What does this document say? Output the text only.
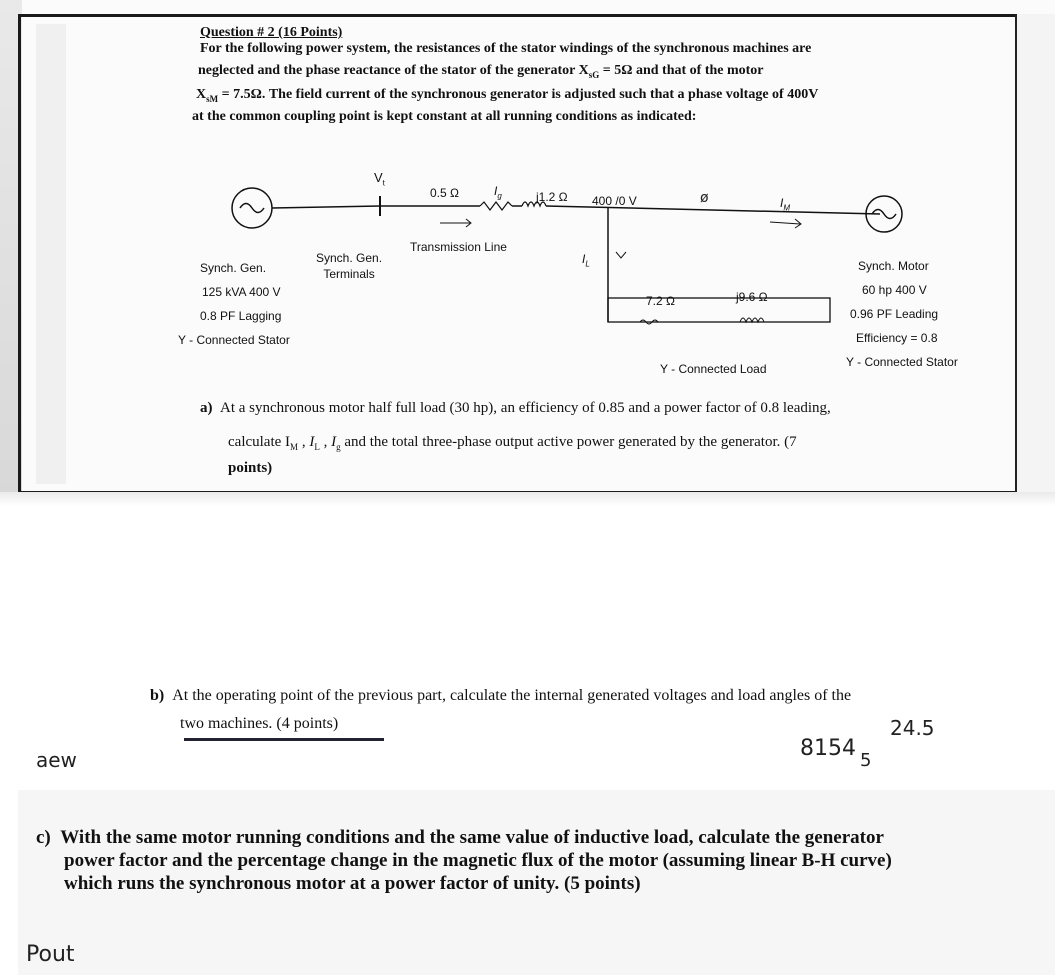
Question # 2 (16 Points)
For the following power system, the resistances of the stator windings of the synchronous machines are
neglected and the phase reactance of the stator of the generator $X_{sG} = 5\Omega$ and that of the motor
$X_{sM} = 7.5\Omega$. The field current of the synchronous generator is adjusted such that a phase voltage of 400V
at the common coupling point is kept constant at all running conditions as indicated:
$V_t$
0.5 Ω	$I_g$	j1.2 Ω 400 /0 V	ø	$I_M$
Transmission Line
$I_L$
Synch. Gen.
Terminals
Synch. Gen.
125 kVA 400 V
0.8 PF Lagging
Y - Connected Stator
7.2 Ω	j9.6 Ω
Y - Connected Load
Synch. Motor
60 hp 400 V
0.96 PF Leading
Efficiency = 0.8
Y - Connected Stator
a) At a synchronous motor half full load (30 hp), an efficiency of 0.85 and a power factor of 0.8 leading,
calculate $I_M$ , $I_L$ , $I_g$ and the total three-phase output active power generated by the generator. (7
points)
b) At the operating point of the previous part, calculate the internal generated voltages and load angles of the
two machines. (4 points)
8154
24.5
5
aew
c) With the same motor running conditions and the same value of inductive load, calculate the generator
power factor and the percentage change in the magnetic flux of the motor (assuming linear B-H curve)
which runs the synchronous motor at a power factor of unity. (5 points)
Pout
